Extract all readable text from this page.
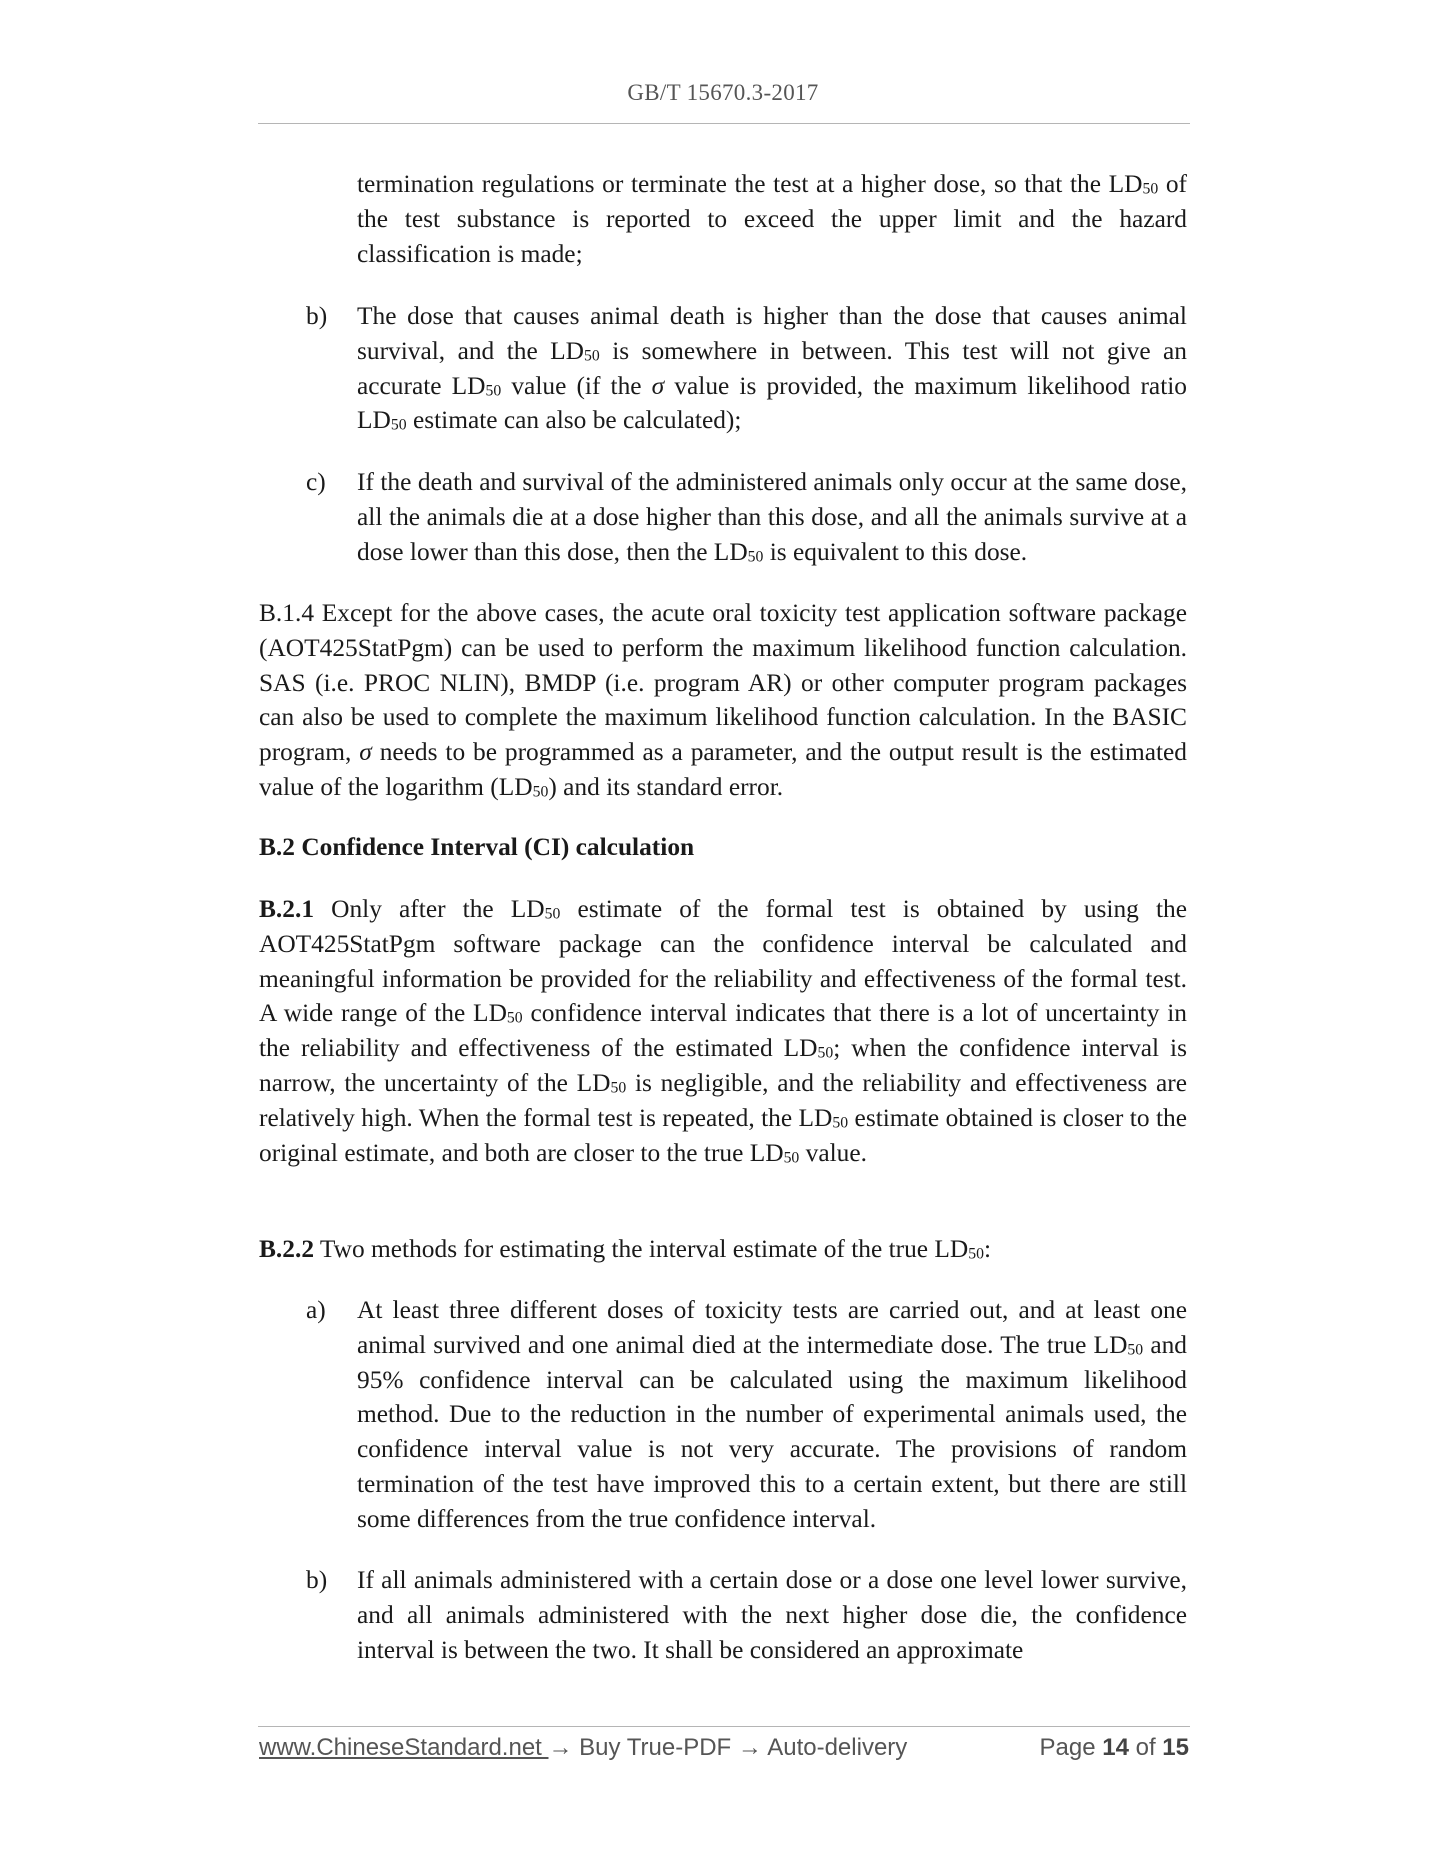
GB/T 15670.3-2017
termination regulations or terminate the test at a higher dose, so that the $LD_{50}$ of the test substance is reported to exceed the upper limit and the hazard classification is made;
b) The dose that causes animal death is higher than the dose that causes animal survival, and the $LD_{50}$ is somewhere in between. This test will not give an accurate $LD_{50}$ value (if the σ value is provided, the maximum likelihood ratio $LD_{50}$ estimate can also be calculated);
c) If the death and survival of the administered animals only occur at the same dose, all the animals die at a dose higher than this dose, and all the animals survive at a dose lower than this dose, then the $LD_{50}$ is equivalent to this dose.
B.1.4 Except for the above cases, the acute oral toxicity test application software package (AOT425StatPgm) can be used to perform the maximum likelihood function calculation. SAS (i.e. PROC NLIN), BMDP (i.e. program AR) or other computer program packages can also be used to complete the maximum likelihood function calculation. In the BASIC program, σ needs to be programmed as a parameter, and the output result is the estimated value of the logarithm $(LD_{50})$ and its standard error.
B.2 Confidence Interval (CI) calculation
B.2.1 Only after the $LD_{50}$ estimate of the formal test is obtained by using the AOT425StatPgm software package can the confidence interval be calculated and meaningful information be provided for the reliability and effectiveness of the formal test. A wide range of the $LD_{50}$ confidence interval indicates that there is a lot of uncertainty in the reliability and effectiveness of the estimated $LD_{50}$; when the confidence interval is narrow, the uncertainty of the $LD_{50}$ is negligible, and the reliability and effectiveness are relatively high. When the formal test is repeated, the $LD_{50}$ estimate obtained is closer to the original estimate, and both are closer to the true $LD_{50}$ value.
B.2.2 Two methods for estimating the interval estimate of the true $LD_{50}$:
a) At least three different doses of toxicity tests are carried out, and at least one animal survived and one animal died at the intermediate dose. The true $LD_{50}$ and 95% confidence interval can be calculated using the maximum likelihood method. Due to the reduction in the number of experimental animals used, the confidence interval value is not very accurate. The provisions of random termination of the test have improved this to a certain extent, but there are still some differences from the true confidence interval.
b) If all animals administered with a certain dose or a dose one level lower survive, and all animals administered with the next higher dose die, the confidence interval is between the two. It shall be considered an approximate
www.ChineseStandard.net → Buy True-PDF → Auto-delivery	Page 14 of 15
